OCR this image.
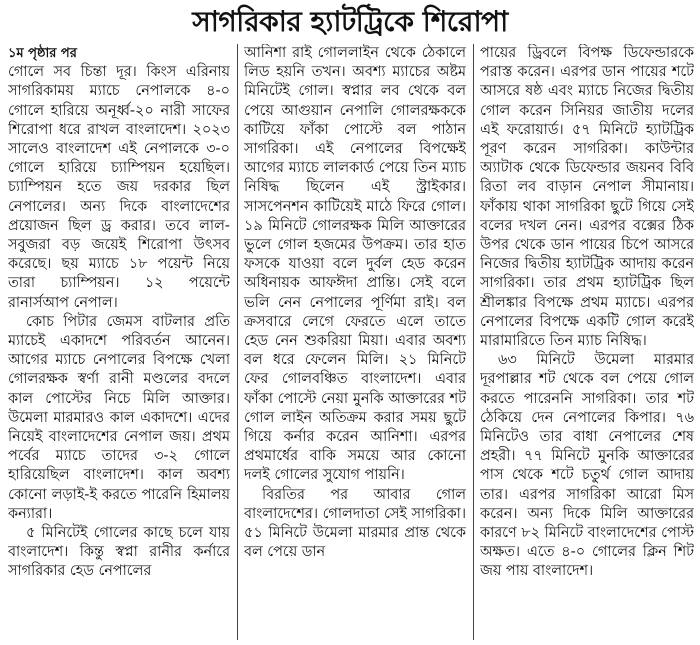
সাগরিকার হ্যাটট্রিকে শিরোপা

১ম পৃষ্ঠার পর
গোলে সব চিন্তা দূর। কিংস এরিনায় সাগরিকাময় ম্যাচে নেপালকে ৪-০ গোলে হারিয়ে অনূর্ধ্ব-২০ নারী সাফের শিরোপা ধরে রাখল বাংলাদেশ। ২০২৩ সালেও বাংলাদেশ এই নেপালকে ৩-০ গোলে হারিয়ে চ্যাম্পিয়ন হয়েছিল। চ্যাম্পিয়ন হতে জয় দরকার ছিল নেপালের। অন্য দিকে বাংলাদেশের প্রয়োজন ছিল ড্র করার। তবে লাল-সবুজরা বড় জয়েই শিরোপা উৎসব করেছে। ছয় ম্যাচে ১৮ পয়েন্ট নিয়ে তারা চ্যাম্পিয়ন। ১২ পয়েন্টে রানার্সআপ নেপাল।

কোচ পিটার জেমস বাটলার প্রতি ম্যাচেই একাদশে পরিবর্তন আনেন। আগের ম্যাচে নেপালের বিপক্ষে খেলা গোলরক্ষক স্বর্ণা রানী মণ্ডলের বদলে কাল পোস্টের নিচে মিলি আক্তার। উমেলা মারমারও কাল একাদশে। এদের নিয়েই বাংলাদেশের নেপাল জয়। প্রথম পর্বের ম্যাচে তাদের ৩-২ গোলে হারিয়েছিল বাংলাদেশ। কাল অবশ্য কোনো লড়াই-ই করতে পারেনি হিমালয় কন্যারা।

৫ মিনিটেই গোলের কাছে চলে যায় বাংলাদেশ। কিন্তু স্বপ্না রানীর কর্নারে সাগরিকার হেড নেপালের

আনিশা রাই গোললাইন থেকে ঠেকালে লিড হয়নি তখন। অবশ্য ম্যাচের অষ্টম মিনিটেই গোল। স্বপ্নার লব থেকে বল পেয়ে আগুয়ান নেপালি গোলরক্ষককে কাটিয়ে ফাঁকা পোস্টে বল পাঠান সাগরিকা। এই নেপালের বিপক্ষেই আগের ম্যাচে লালকার্ড পেয়ে তিন ম্যাচ নিষিদ্ধ ছিলেন এই স্ট্রাইকার। সাসপেনশন কাটিয়েই মাঠে ফিরে গোল। ১৯ মিনিটে গোলরক্ষক মিলি আক্তারের ভুলে গোল হজমের উপক্রম। তার হাত ফসকে যাওয়া বলে দুর্বল হেড করেন অধিনায়ক আফঈদা প্রান্তি। সেই বলে ভলি নেন নেপালের পূর্ণিমা রাই। বল ক্রসবারে লেগে ফেরতে এলে তাতে হেড নেন শুকরিয়া মিয়া। এবার অবশ্য বল ধরে ফেলেন মিলি। ২১ মিনিটে ফের গোলবঞ্চিত বাংলাদেশ। এবার ফাঁকা পোস্টে নেয়া মুনকি আক্তারের শট গোল লাইন অতিক্রম করার সময় ছুটে গিয়ে কর্নার করেন আনিশা। এরপর প্রথমার্ধের বাকি সময়ে আর কোনো দলই গোলের সুযোগ পায়নি।

বিরতির পর আবার গোল বাংলাদেশের। গোলদাতা সেই সাগরিকা। ৫১ মিনিটে উমেলা মারমার প্রান্ত থেকে বল পেয়ে ডান

পায়ের ড্রিবলে বিপক্ষ ডিফেন্ডারকে পরাস্ত করেন। এরপর ডান পায়ের শটে আসরে ষষ্ঠ এবং ম্যাচে নিজের দ্বিতীয় গোল করেন সিনিয়র জাতীয় দলের এই ফরোয়ার্ড। ৫৭ মিনিটে হ্যাটট্রিক পূরণ করেন সাগরিকা। কাউন্টার অ্যাটাক থেকে ডিফেন্ডার জয়নব বিবি রিতা লব বাড়ান নেপাল সীমানায়। ফাঁকায় থাকা সাগরিকা ছুটে গিয়ে সেই বলের দখল নেন। এরপর বক্সের ঠিক উপর থেকে ডান পায়ের চিপে আসরে নিজের দ্বিতীয় হ্যাটট্রিক আদায় করেন সাগরিকা। তার প্রথম হ্যাটট্রিক ছিল শ্রীলঙ্কার বিপক্ষে প্রথম ম্যাচে। এরপর নেপালের বিপক্ষে একটি গোল করেই মারামারিতে তিন ম্যাচ নিষিদ্ধ।

৬৩ মিনিটে উমেলা মারমার দূরপাল্লার শট থেকে বল পেয়ে গোল করতে পারেননি সাগরিকা। তার শট ঠেকিয়ে দেন নেপালের কিপার। ৭৬ মিনিটেও তার বাধা নেপালের শেষ প্রহরী। ৭৭ মিনিটে মুনকি আক্তারের পাস থেকে শটে চতুর্থ গোল আদায় তার। এরপর সাগরিকা আরো মিস করেন। অন্য দিকে মিলি আক্তারের কারণে ৮২ মিনিটে বাংলাদেশের পোস্ট অক্ষত। এতে ৪-০ গোলের ক্লিন শিট জয় পায় বাংলাদেশ।
